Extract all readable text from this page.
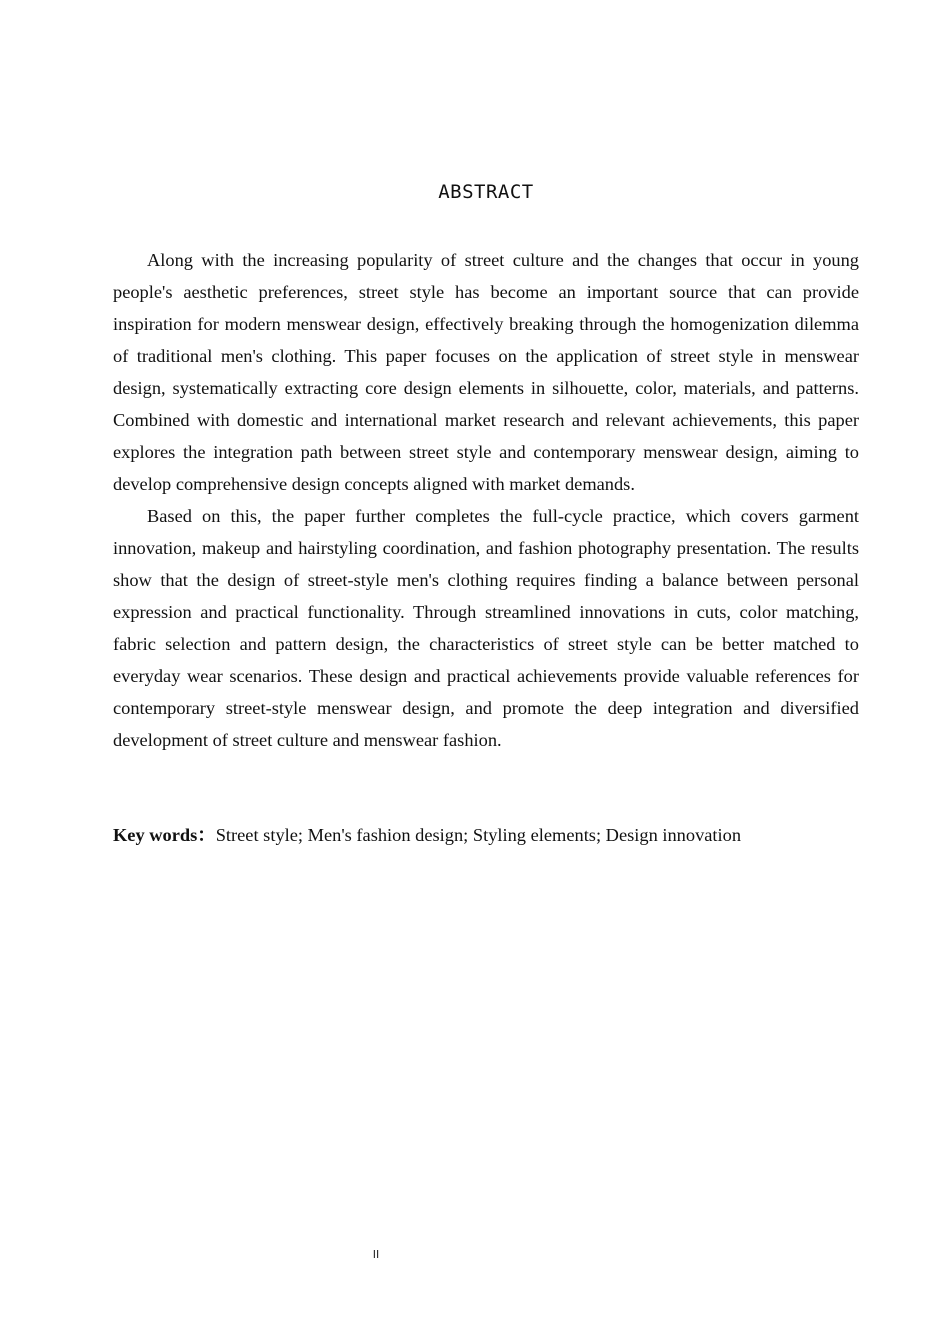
ABSTRACT

Along with the increasing popularity of street culture and the changes that occur in young people's aesthetic preferences, street style has become an important source that can provide inspiration for modern menswear design, effectively breaking through the homogenization dilemma of traditional men's clothing. This paper focuses on the application of street style in menswear design, systematically extracting core design elements in silhouette, color, materials, and patterns. Combined with domestic and international market research and relevant achievements, this paper explores the integration path between street style and contemporary menswear design, aiming to develop comprehensive design concepts aligned with market demands.

Based on this, the paper further completes the full-cycle practice, which covers garment innovation, makeup and hairstyling coordination, and fashion photography presentation. The results show that the design of street-style men's clothing requires finding a balance between personal expression and practical functionality. Through streamlined innovations in cuts, color matching, fabric selection and pattern design, the characteristics of street style can be better matched to everyday wear scenarios. These design and practical achievements provide valuable references for contemporary street-style menswear design, and promote the deep integration and diversified development of street culture and menswear fashion.

Key words：Street style; Men's fashion design; Styling elements; Design innovation
II
